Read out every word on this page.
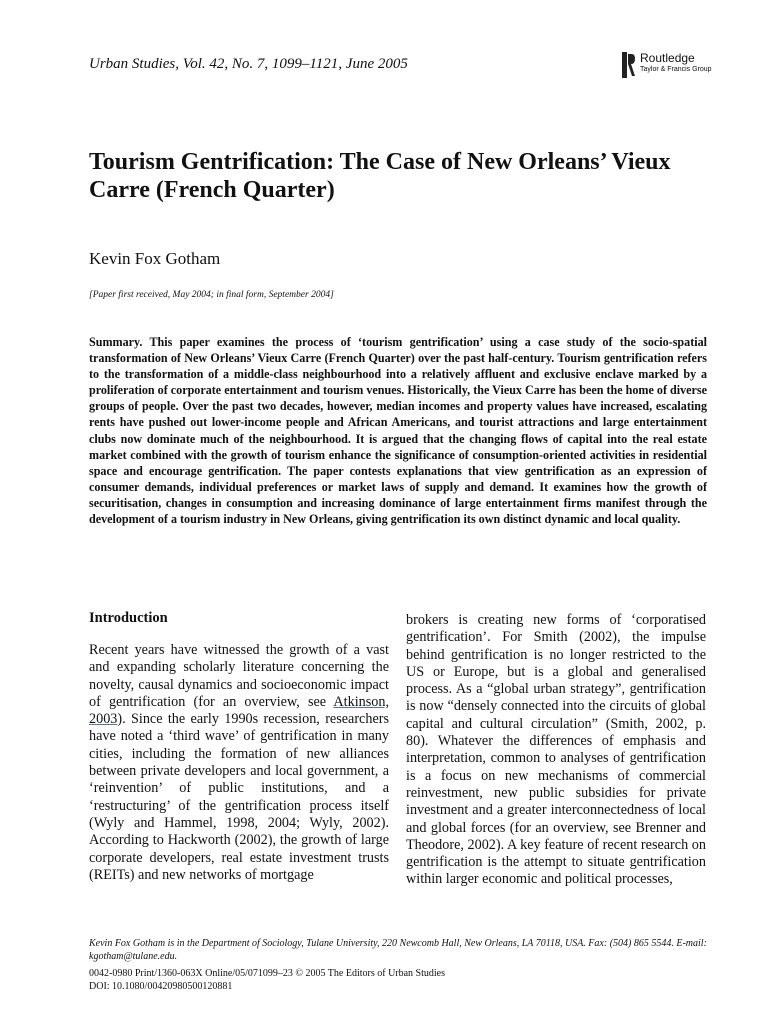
Urban Studies, Vol. 42, No. 7, 1099–1121, June 2005	Routledge
Taylor & Francis Group
Tourism Gentrification: The Case of New Orleans’ Vieux Carre (French Quarter)
Kevin Fox Gotham
[Paper first received, May 2004; in final form, September 2004]

Summary. This paper examines the process of ‘tourism gentrification’ using a case study of the socio-spatial transformation of New Orleans’ Vieux Carre (French Quarter) over the past half-century. Tourism gentrification refers to the transformation of a middle-class neighbourhood into a relatively affluent and exclusive enclave marked by a proliferation of corporate entertainment and tourism venues. Historically, the Vieux Carre has been the home of diverse groups of people. Over the past two decades, however, median incomes and property values have increased, escalating rents have pushed out lower-income people and African Americans, and tourist attractions and large entertainment clubs now dominate much of the neighbourhood. It is argued that the changing flows of capital into the real estate market combined with the growth of tourism enhance the significance of consumption-oriented activities in residential space and encourage gentrification. The paper contests explanations that view gentrification as an expression of consumer demands, individual preferences or market laws of supply and demand. It examines how the growth of securitisation, changes in consumption and increasing dominance of large entertainment firms manifest through the development of a tourism industry in New Orleans, giving gentrification its own distinct dynamic and local quality.

Introduction

Recent years have witnessed the growth of a vast and expanding scholarly literature concerning the novelty, causal dynamics and socioeconomic impact of gentrification (for an overview, see Atkinson, 2003). Since the early 1990s recession, researchers have noted a ‘third wave’ of gentrification in many cities, including the formation of new alliances between private developers and local government, a ‘reinvention’ of public institutions, and a ‘restructuring’ of the gentrification process itself (Wyly and Hammel, 1998, 2004; Wyly, 2002). According to Hackworth (2002), the growth of large corporate developers, real estate investment trusts (REITs) and new networks of mortgage

brokers is creating new forms of ‘corporatised gentrification’. For Smith (2002), the impulse behind gentrification is no longer restricted to the US or Europe, but is a global and generalised process. As a “global urban strategy”, gentrification is now “densely connected into the circuits of global capital and cultural circulation” (Smith, 2002, p. 80). Whatever the differences of emphasis and interpretation, common to analyses of gentrification is a focus on new mechanisms of commercial reinvestment, new public subsidies for private investment and a greater interconnectedness of local and global forces (for an overview, see Brenner and Theodore, 2002). A key feature of recent research on gentrification is the attempt to situate gentrification within larger economic and political processes,

Kevin Fox Gotham is in the Department of Sociology, Tulane University, 220 Newcomb Hall, New Orleans, LA 70118, USA. Fax: (504) 865 5544. E-mail: kgotham@tulane.edu.
0042-0980 Print/1360-063X Online/05/071099–23 © 2005 The Editors of Urban Studies
DOI: 10.1080/00420980500120881
